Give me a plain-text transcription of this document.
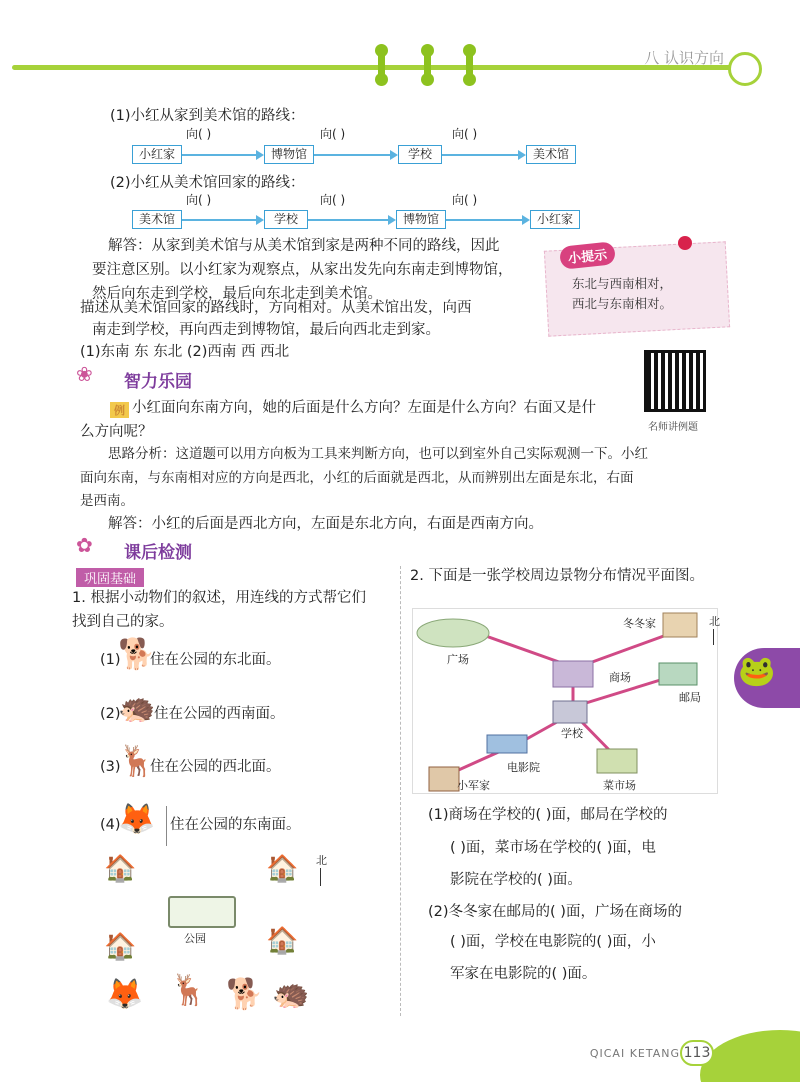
八 认识方向
(1)小红从家到美术馆的路线：
向( )	向( )	向( )
小红家	博物馆	学校	美术馆
(2)小红从美术馆回家的路线：
向( )	向( )	向( )
美术馆	学校	博物馆	小红家
解答：从家到美术馆与从美术馆到家是两种不同的路线，因此
要注意区别。以小红家为观察点，从家出发先向东南走到博物馆，
然后向东走到学校，最后向东北走到美术馆。
描述从美术馆回家的路线时，方向相对。从美术馆出发，向西
南走到学校，再向西走到博物馆，最后向西北走到家。
(1)东南 东 东北 (2)西南 西 西北
小提示
东北与西南相对，
西北与东南相对。
❀ 智力乐园
名师讲例题
例 小红面向东南方向，她的后面是什么方向？左面是什么方向？右面又是什
么方向呢？
思路分析：这道题可以用方向板为工具来判断方向，也可以到室外自己实际观测一下。小红
面向东南，与东南相对应的方向是西北，小红的后面就是西北，从而辨别出左面是东北，右面
是西南。
解答：小红的后面是西北方向，左面是东北方向，右面是西南方向。
✿ 课后检测
巩固基础
1. 根据小动物们的叙述，用连线的方式帮它们
找到自己的家。
(1)
🐕
住在公园的东北面。
(2)
🦔
住在公园的西南面。
(3)
🦌
住在公园的西北面。
(4)
🦊 住在公园的东南面。
🏠	🏠
🏠	🏠
公园
北
🦊 🦌 🐕 🦔
2. 下面是一张学校周边景物分布情况平面图。
冬冬家
广场
商场
邮局
学校
电影院
菜市场
小军家
北
(1)商场在学校的( )面，邮局在学校的
( )面，菜市场在学校的( )面，电
影院在学校的( )面。
(2)冬冬家在邮局的( )面，广场在商场的
( )面，学校在电影院的( )面，小
军家在电影院的( )面。
🐸
QICAI KETANG 113
